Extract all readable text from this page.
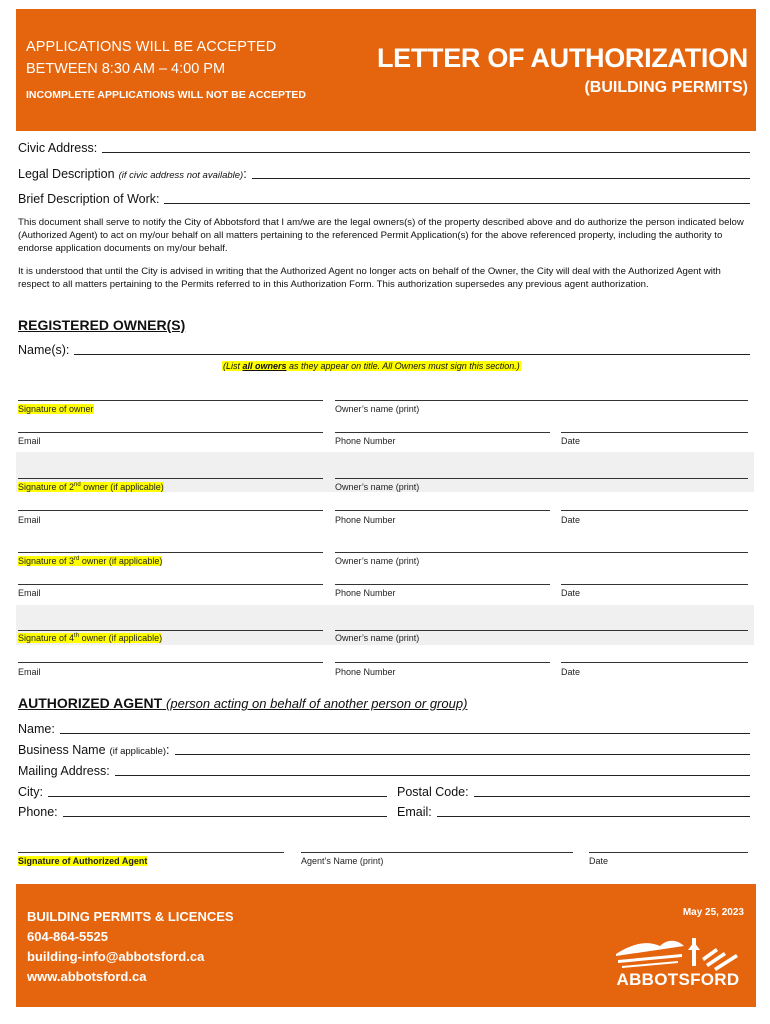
APPLICATIONS WILL BE ACCEPTED
BETWEEN 8:30 AM – 4:00 PM
INCOMPLETE APPLICATIONS WILL NOT BE ACCEPTED
LETTER OF AUTHORIZATION
(BUILDING PERMITS)
Civic Address:
Legal Description (if civic address not available) :
Brief Description of Work:
This document shall serve to notify the City of Abbotsford that I am/we are the legal owners(s) of the property described above and do authorize the person indicated below (Authorized Agent) to act on my/our behalf on all matters pertaining to the referenced Permit Application(s) for the above referenced property, including the authority to endorse application documents on my/our behalf.
It is understood that until the City is advised in writing that the Authorized Agent no longer acts on behalf of the Owner, the City will deal with the Authorized Agent with respect to all matters pertaining to the Permits referred to in this Authorization Form. This authorization supersedes any previous agent authorization.
REGISTERED OWNER(S)
Name(s):
(List all owners as they appear on title. All Owners must sign this section.)
Signature of owner	Owner’s name (print)
Email	Phone Number	Date
Signature of 2nd owner (if applicable)	Owner’s name (print)
Email	Phone Number	Date
Signature of 3rd owner (if applicable)	Owner’s name (print)
Email	Phone Number	Date
Signature of 4th owner (if applicable)	Owner’s name (print)
Email	Phone Number	Date
AUTHORIZED AGENT (person acting on behalf of another person or group)
Name:
Business Name (if applicable) :
Mailing Address:
City:	Postal Code:
Phone:	Email:
Signature of Authorized Agent	Agent’s Name (print)	Date
BUILDING PERMITS & LICENCES
604-864-5525
building-info@abbotsford.ca
www.abbotsford.ca
May 25, 2023
ABBOTSFORD
